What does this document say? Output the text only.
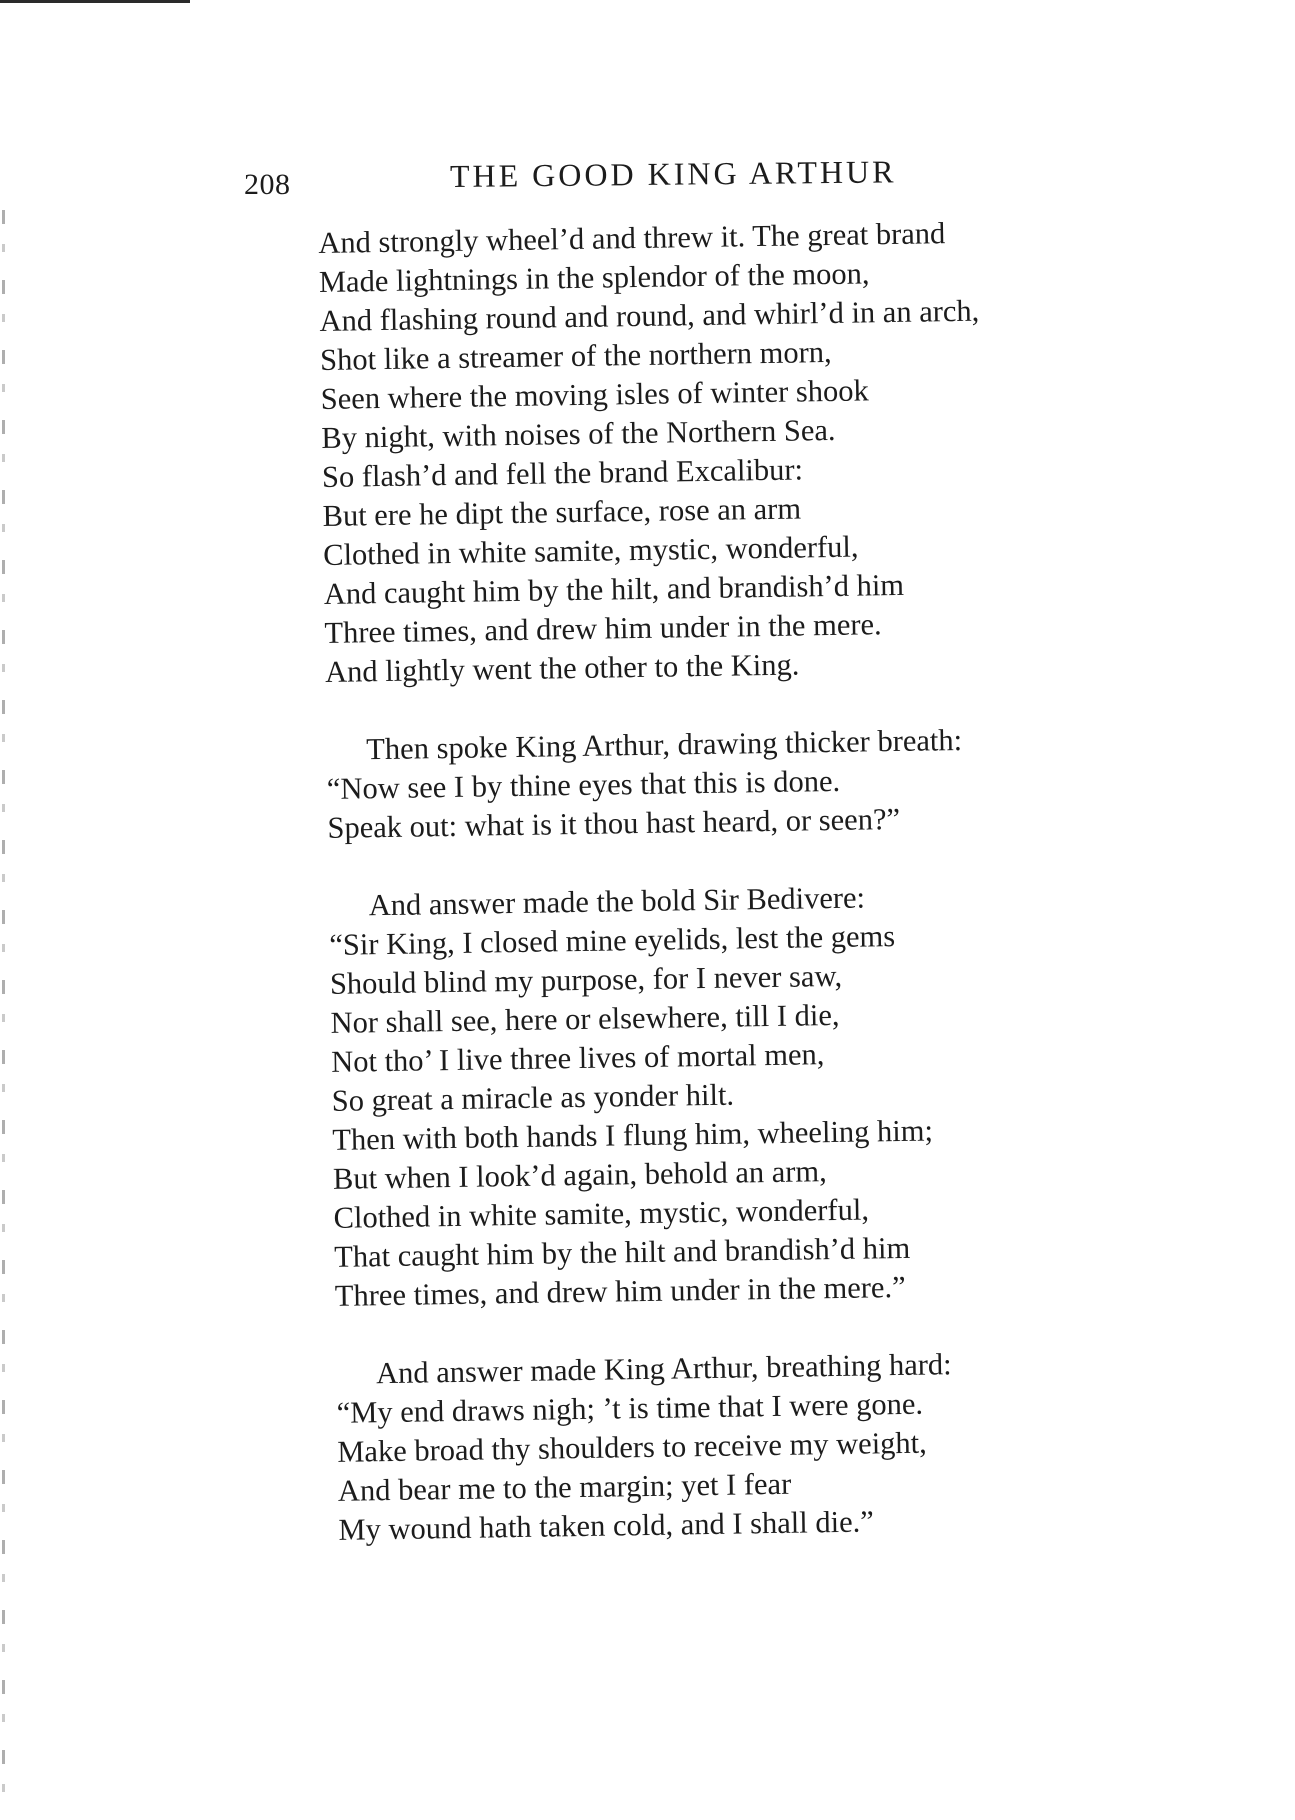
208	THE GOOD KING ARTHUR
And strongly wheel’d and threw it. The great brand
Made lightnings in the splendor of the moon,
And flashing round and round, and whirl’d in an arch,
Shot like a streamer of the northern morn,
Seen where the moving isles of winter shook
By night, with noises of the Northern Sea.
So flash’d and fell the brand Excalibur:
But ere he dipt the surface, rose an arm
Clothed in white samite, mystic, wonderful,
And caught him by the hilt, and brandish’d him
Three times, and drew him under in the mere.
And lightly went the other to the King.
Then spoke King Arthur, drawing thicker breath:
“Now see I by thine eyes that this is done.
Speak out: what is it thou hast heard, or seen?”
And answer made the bold Sir Bedivere:
“Sir King, I closed mine eyelids, lest the gems
Should blind my purpose, for I never saw,
Nor shall see, here or elsewhere, till I die,
Not tho’ I live three lives of mortal men,
So great a miracle as yonder hilt.
Then with both hands I flung him, wheeling him;
But when I look’d again, behold an arm,
Clothed in white samite, mystic, wonderful,
That caught him by the hilt and brandish’d him
Three times, and drew him under in the mere.”
And answer made King Arthur, breathing hard:
“My end draws nigh; ’t is time that I were gone.
Make broad thy shoulders to receive my weight,
And bear me to the margin; yet I fear
My wound hath taken cold, and I shall die.”
